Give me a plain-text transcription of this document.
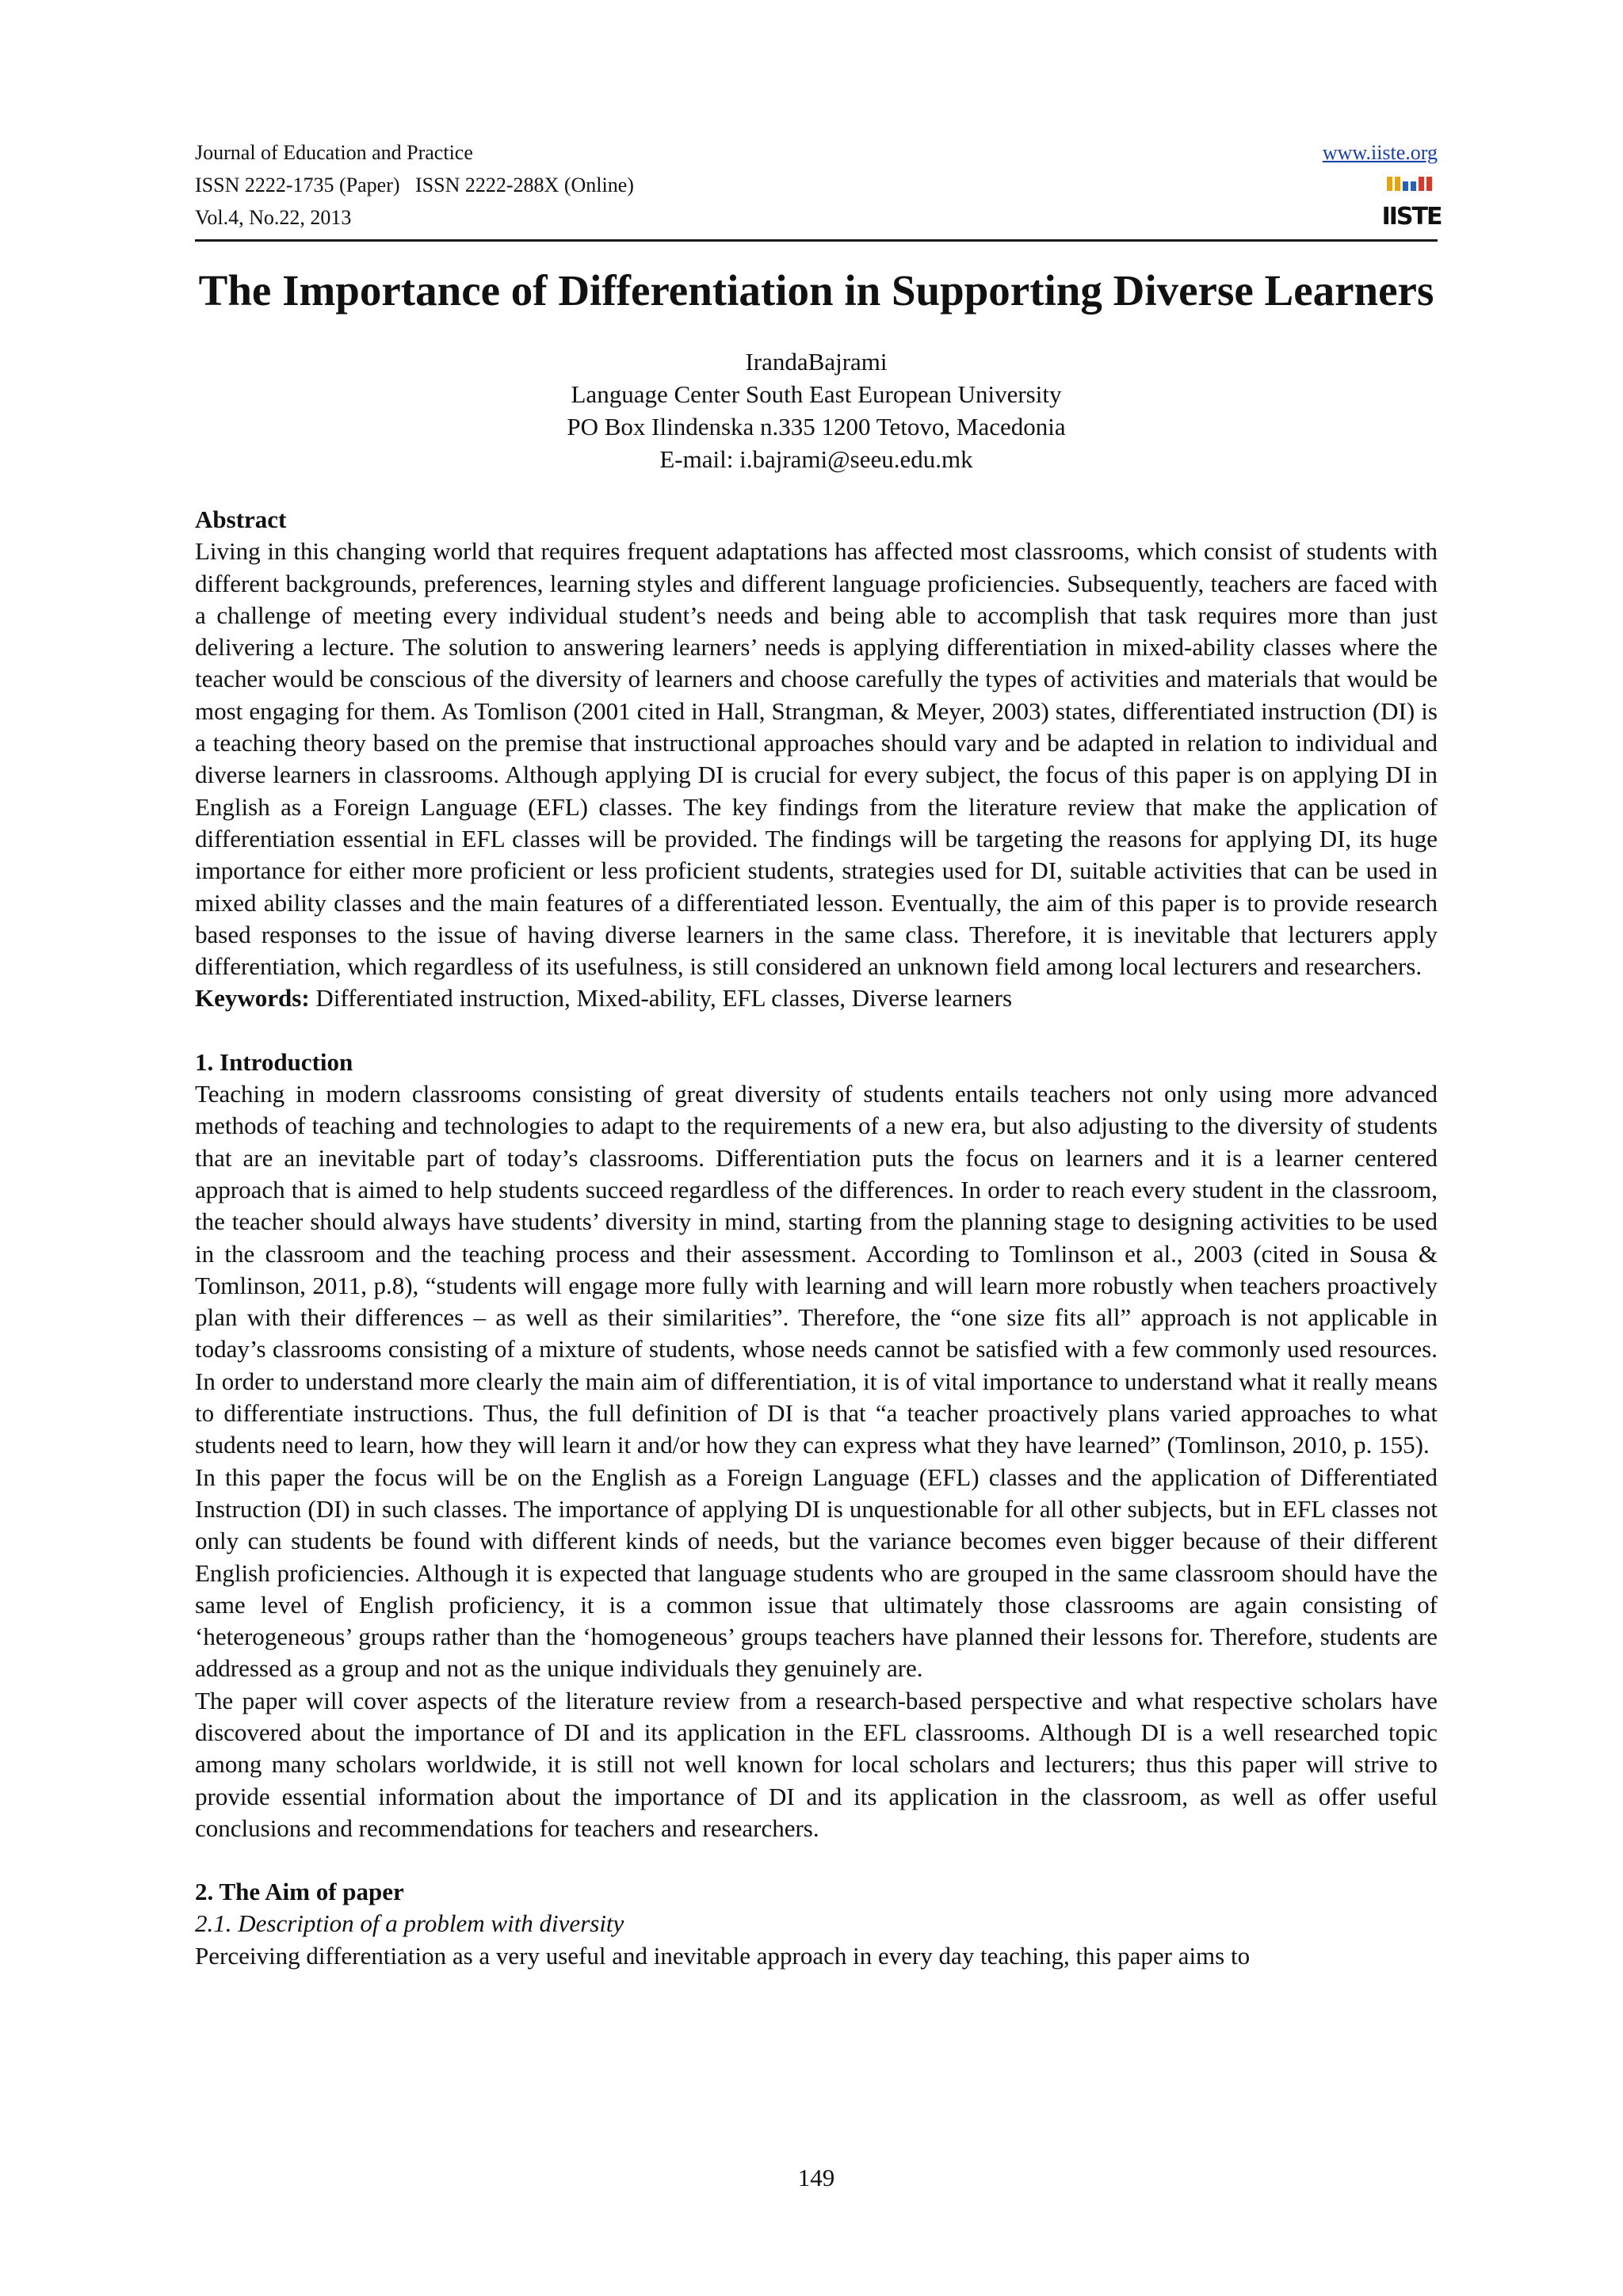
Journal of Education and Practice
ISSN 2222-1735 (Paper)   ISSN 2222-288X (Online)
Vol.4, No.22, 2013
www.iiste.org
IISTE
The Importance of Differentiation in Supporting Diverse Learners
IrandaBajrami
Language Center South East European University
PO Box Ilindenska n.335 1200 Tetovo, Macedonia
E-mail: i.bajrami@seeu.edu.mk

Abstract

Living in this changing world that requires frequent adaptations has affected most classrooms, which consist of students with different backgrounds, preferences, learning styles and different language proficiencies. Subsequently, teachers are faced with a challenge of meeting every individual student’s needs and being able to accomplish that task requires more than just delivering a lecture. The solution to answering learners’ needs is applying differentiation in mixed-ability classes where the teacher would be conscious of the diversity of learners and choose carefully the types of activities and materials that would be most engaging for them. As Tomlison (2001 cited in Hall, Strangman, & Meyer, 2003) states, differentiated instruction (DI) is a teaching theory based on the premise that instructional approaches should vary and be adapted in relation to individual and diverse learners in classrooms. Although applying DI is crucial for every subject, the focus of this paper is on applying DI in English as a Foreign Language (EFL) classes. The key findings from the literature review that make the application of differentiation essential in EFL classes will be provided. The findings will be targeting the reasons for applying DI, its huge importance for either more proficient or less proficient students, strategies used for DI, suitable activities that can be used in mixed ability classes and the main features of a differentiated lesson. Eventually, the aim of this paper is to provide research based responses to the issue of having diverse learners in the same class. Therefore, it is inevitable that lecturers apply differentiation, which regardless of its usefulness, is still considered an unknown field among local lecturers and researchers.

Keywords: Differentiated instruction, Mixed-ability, EFL classes, Diverse learners

1. Introduction

Teaching in modern classrooms consisting of great diversity of students entails teachers not only using more advanced methods of teaching and technologies to adapt to the requirements of a new era, but also adjusting to the diversity of students that are an inevitable part of today’s classrooms. Differentiation puts the focus on learners and it is a learner centered approach that is aimed to help students succeed regardless of the differences. In order to reach every student in the classroom, the teacher should always have students’ diversity in mind, starting from the planning stage to designing activities to be used in the classroom and the teaching process and their assessment. According to Tomlinson et al., 2003 (cited in Sousa & Tomlinson, 2011, p.8), “students will engage more fully with learning and will learn more robustly when teachers proactively plan with their differences – as well as their similarities”. Therefore, the “one size fits all” approach is not applicable in today’s classrooms consisting of a mixture of students, whose needs cannot be satisfied with a few commonly used resources. In order to understand more clearly the main aim of differentiation, it is of vital importance to understand what it really means to differentiate instructions. Thus, the full definition of DI is that “a teacher proactively plans varied approaches to what students need to learn, how they will learn it and/or how they can express what they have learned” (Tomlinson, 2010, p. 155).

In this paper the focus will be on the English as a Foreign Language (EFL) classes and the application of Differentiated Instruction (DI) in such classes. The importance of applying DI is unquestionable for all other subjects, but in EFL classes not only can students be found with different kinds of needs, but the variance becomes even bigger because of their different English proficiencies. Although it is expected that language students who are grouped in the same classroom should have the same level of English proficiency, it is a common issue that ultimately those classrooms are again consisting of ‘heterogeneous’ groups rather than the ‘homogeneous’ groups teachers have planned their lessons for. Therefore, students are addressed as a group and not as the unique individuals they genuinely are.

The paper will cover aspects of the literature review from a research-based perspective and what respective scholars have discovered about the importance of DI and its application in the EFL classrooms. Although DI is a well researched topic among many scholars worldwide, it is still not well known for local scholars and lecturers; thus this paper will strive to provide essential information about the importance of DI and its application in the classroom, as well as offer useful conclusions and recommendations for teachers and researchers.

2. The Aim of paper

2.1. Description of a problem with diversity

Perceiving differentiation as a very useful and inevitable approach in every day teaching, this paper aims to

149
